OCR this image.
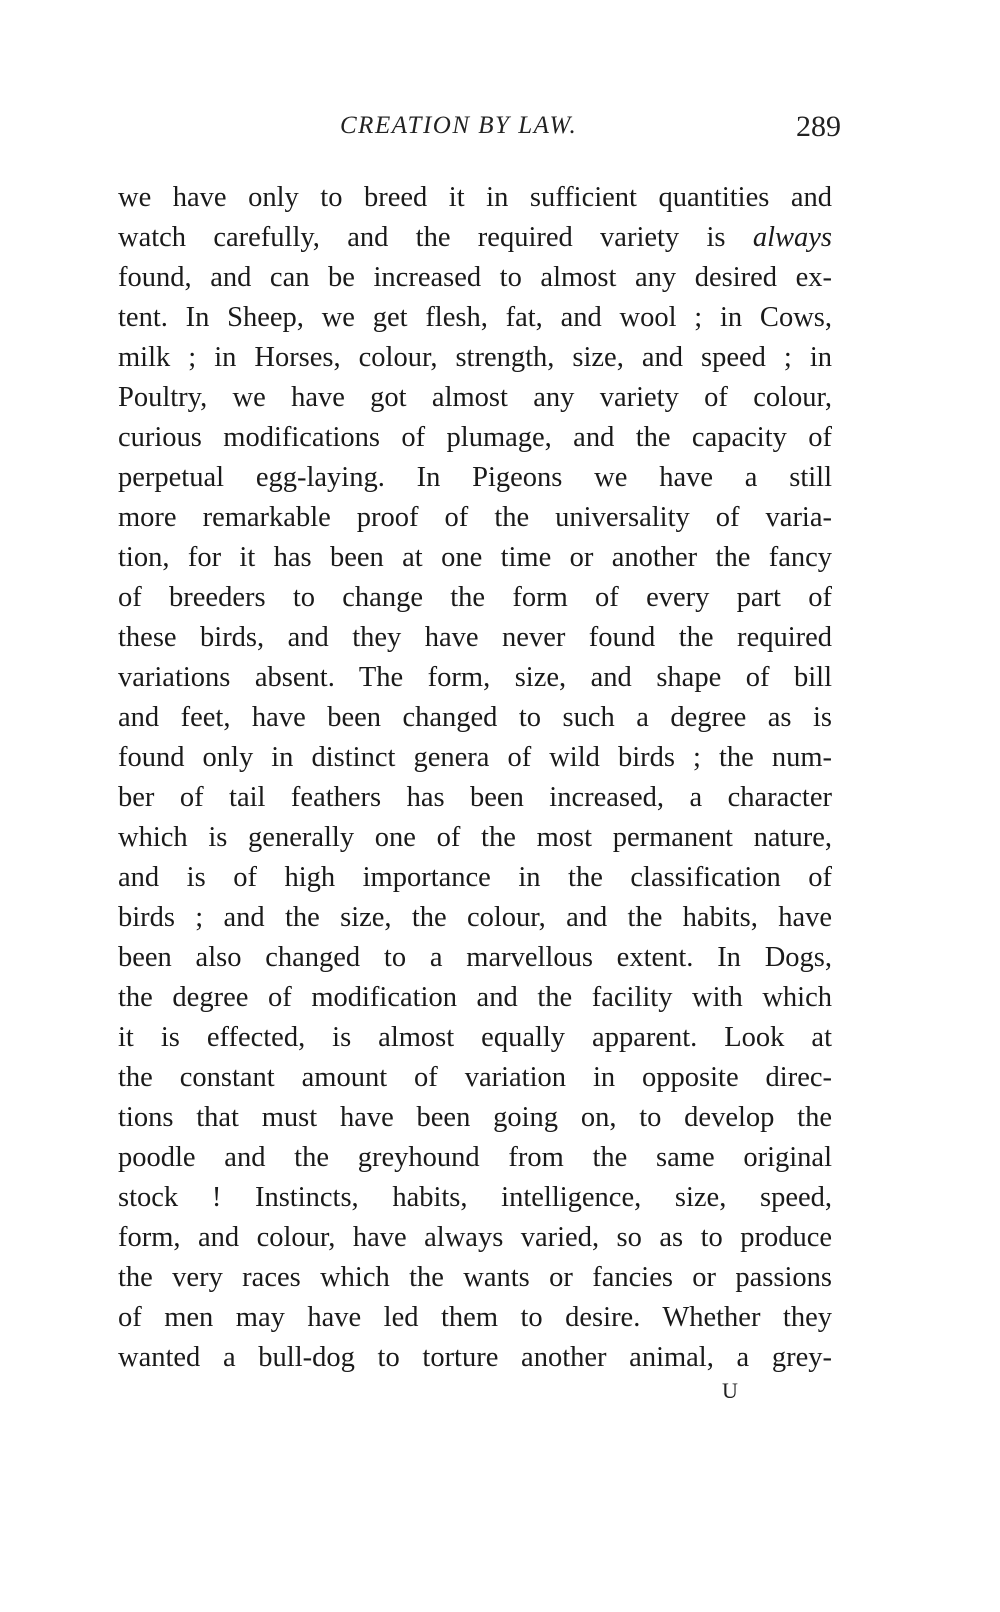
CREATION BY LAW.	289
we have only to breed it in sufficient quantities and
watch carefully, and the required variety is always
found, and can be increased to almost any desired ex-
tent. In Sheep, we get flesh, fat, and wool ; in Cows,
milk ; in Horses, colour, strength, size, and speed ; in
Poultry, we have got almost any variety of colour,
curious modifications of plumage, and the capacity of
perpetual egg-laying. In Pigeons we have a still
more remarkable proof of the universality of varia-
tion, for it has been at one time or another the fancy
of breeders to change the form of every part of
these birds, and they have never found the required
variations absent. The form, size, and shape of bill
and feet, have been changed to such a degree as is
found only in distinct genera of wild birds ; the num-
ber of tail feathers has been increased, a character
which is generally one of the most permanent nature,
and is of high importance in the classification of
birds ; and the size, the colour, and the habits, have
been also changed to a marvellous extent. In Dogs,
the degree of modification and the facility with which
it is effected, is almost equally apparent. Look at
the constant amount of variation in opposite direc-
tions that must have been going on, to develop the
poodle and the greyhound from the same original
stock ! Instincts, habits, intelligence, size, speed,
form, and colour, have always varied, so as to produce
the very races which the wants or fancies or passions
of men may have led them to desire. Whether they
wanted a bull-dog to torture another animal, a grey-
U
